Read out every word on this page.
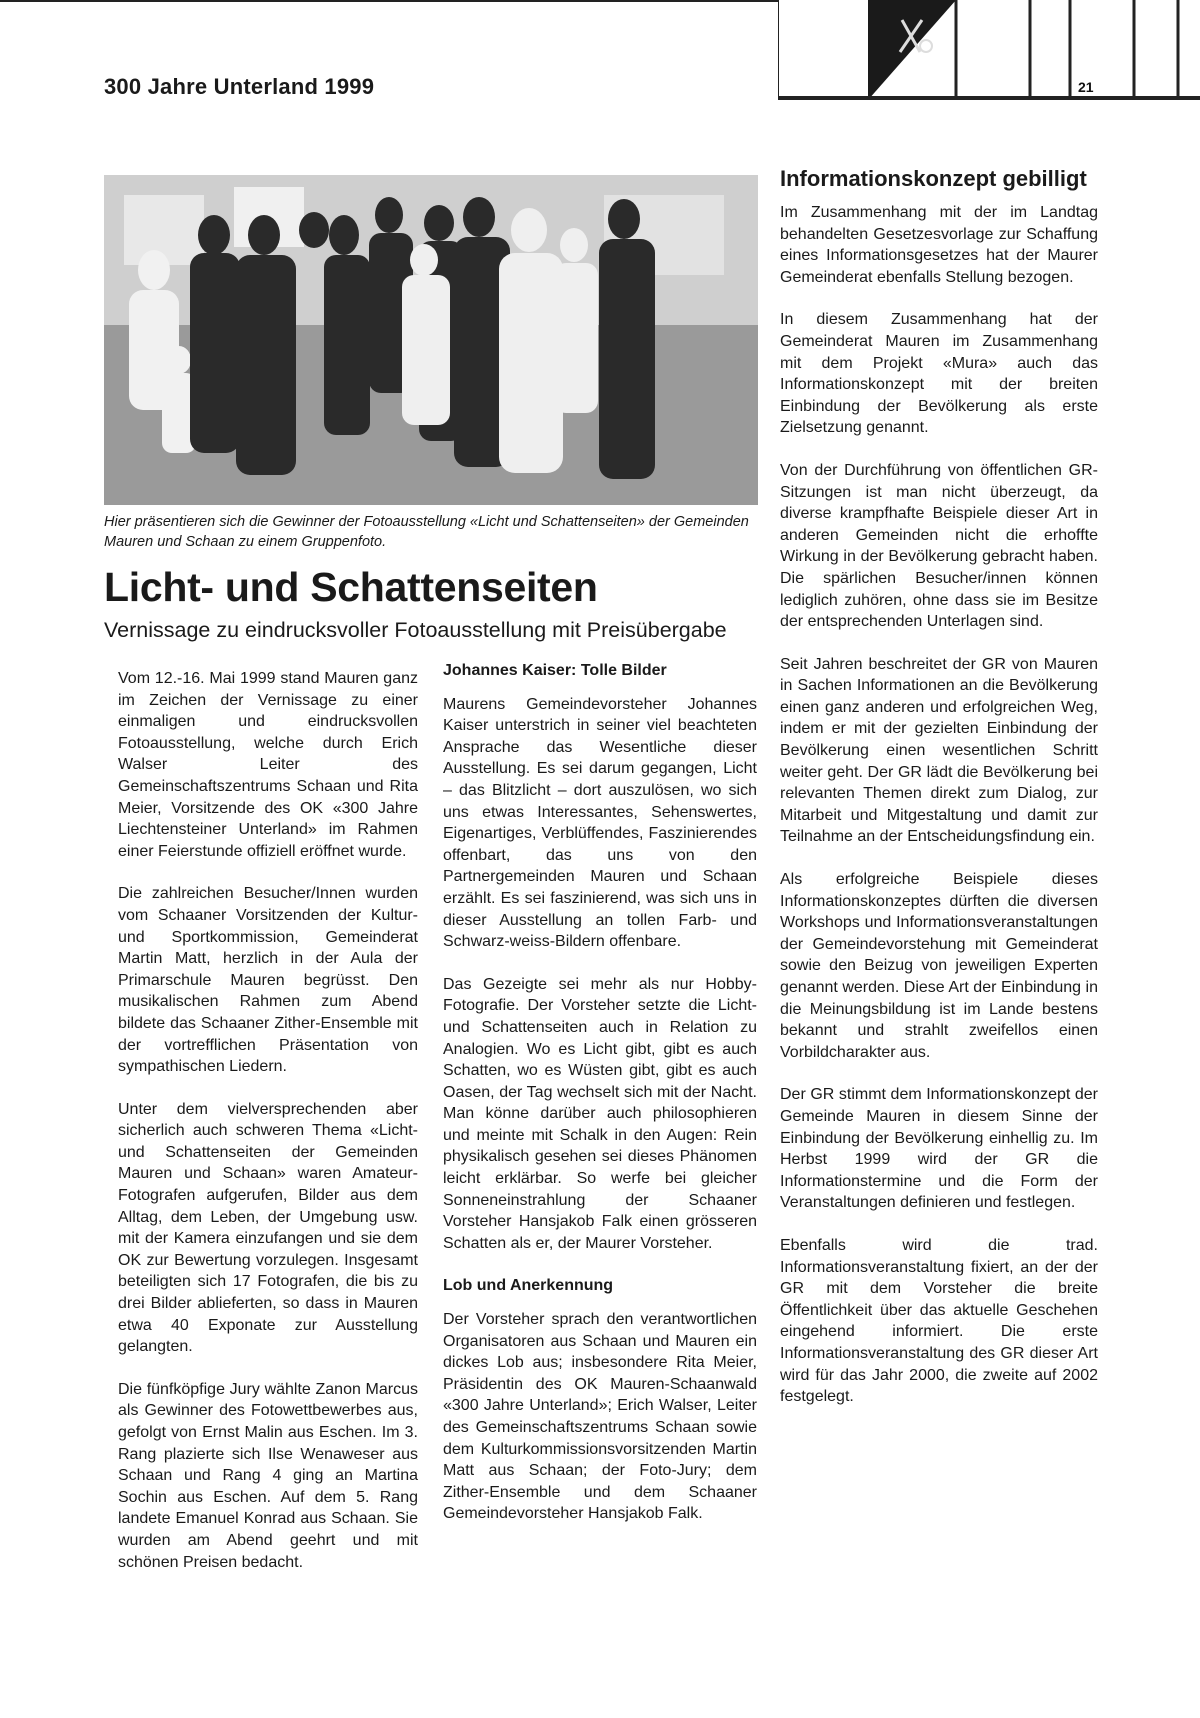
300 Jahre Unterland 1999	21
Hier präsentieren sich die Gewinner der Fotoausstellung «Licht und Schattenseiten» der Gemeinden Mauren und Schaan zu einem Gruppenfoto.
Licht- und Schattenseiten
Vernissage zu eindrucksvoller Fotoausstellung mit Preisübergabe

Vom 12.-16. Mai 1999 stand Mauren ganz im Zeichen der Vernissage zu einer einmaligen und eindrucksvollen Fotoausstellung, welche durch Erich Walser Leiter des Gemeinschaftszentrums Schaan und Rita Meier, Vorsitzende des OK «300 Jahre Liechtensteiner Unterland» im Rahmen einer Feierstunde offiziell eröffnet wurde.

Die zahlreichen Besucher/Innen wurden vom Schaaner Vorsitzenden der Kultur- und Sportkommission, Gemeinderat Martin Matt, herzlich in der Aula der Primarschule Mauren begrüsst. Den musikalischen Rahmen zum Abend bildete das Schaaner Zither-Ensemble mit der vortrefflichen Präsentation von sympathischen Liedern.

Unter dem vielversprechenden aber sicherlich auch schweren Thema «Licht- und Schattenseiten der Gemeinden Mauren und Schaan» waren Amateur-Fotografen aufgerufen, Bilder aus dem Alltag, dem Leben, der Umgebung usw. mit der Kamera einzufangen und sie dem OK zur Bewertung vorzulegen. Insgesamt beteiligten sich 17 Fotografen, die bis zu drei Bilder ablieferten, so dass in Mauren etwa 40 Exponate zur Ausstellung gelangten.

Die fünfköpfige Jury wählte Zanon Marcus als Gewinner des Fotowettbewerbes aus, gefolgt von Ernst Malin aus Eschen. Im 3. Rang plazierte sich Ilse Wenaweser aus Schaan und Rang 4 ging an Martina Sochin aus Eschen. Auf dem 5. Rang landete Emanuel Konrad aus Schaan. Sie wurden am Abend geehrt und mit schönen Preisen bedacht.

Johannes Kaiser: Tolle Bilder

Maurens Gemeindevorsteher Johannes Kaiser unterstrich in seiner viel beachteten Ansprache das Wesentliche dieser Ausstellung. Es sei darum gegangen, Licht – das Blitzlicht – dort auszulösen, wo sich uns etwas Interessantes, Sehenswertes, Eigenartiges, Verblüffendes, Faszinierendes offenbart, das uns von den Partnergemeinden Mauren und Schaan erzählt. Es sei faszinierend, was sich uns in dieser Ausstellung an tollen Farb- und Schwarz-weiss-Bildern offenbare.

Das Gezeigte sei mehr als nur Hobby-Fotografie. Der Vorsteher setzte die Licht- und Schattenseiten auch in Relation zu Analogien. Wo es Licht gibt, gibt es auch Schatten, wo es Wüsten gibt, gibt es auch Oasen, der Tag wechselt sich mit der Nacht. Man könne darüber auch philosophieren und meinte mit Schalk in den Augen: Rein physikalisch gesehen sei dieses Phänomen leicht erklärbar. So werfe bei gleicher Sonneneinstrahlung der Schaaner Vorsteher Hansjakob Falk einen grösseren Schatten als er, der Maurer Vorsteher.

Lob und Anerkennung

Der Vorsteher sprach den verantwortlichen Organisatoren aus Schaan und Mauren ein dickes Lob aus; insbesondere Rita Meier, Präsidentin des OK Mauren-Schaanwald «300 Jahre Unterland»; Erich Walser, Leiter des Gemeinschaftszentrums Schaan sowie dem Kulturkommissionsvorsitzenden Martin Matt aus Schaan; der Foto-Jury; dem Zither-Ensemble und dem Schaaner Gemeindevorsteher Hansjakob Falk.

Informationskonzept gebilligt

Im Zusammenhang mit der im Landtag behandelten Gesetzesvorlage zur Schaffung eines Informationsgesetzes hat der Maurer Gemeinderat ebenfalls Stellung bezogen.

In diesem Zusammenhang hat der Gemeinderat Mauren im Zusammenhang mit dem Projekt «Mura» auch das Informationskonzept mit der breiten Einbindung der Bevölkerung als erste Zielsetzung genannt.

Von der Durchführung von öffentlichen GR-Sitzungen ist man nicht überzeugt, da diverse krampfhafte Beispiele dieser Art in anderen Gemeinden nicht die erhoffte Wirkung in der Bevölkerung gebracht haben. Die spärlichen Besucher/innen können lediglich zuhören, ohne dass sie im Besitze der entsprechenden Unterlagen sind.

Seit Jahren beschreitet der GR von Mauren in Sachen Informationen an die Bevölkerung einen ganz anderen und erfolgreichen Weg, indem er mit der gezielten Einbindung der Bevölkerung einen wesentlichen Schritt weiter geht. Der GR lädt die Bevölkerung bei relevanten Themen direkt zum Dialog, zur Mitarbeit und Mitgestaltung und damit zur Teilnahme an der Entscheidungsfindung ein.

Als erfolgreiche Beispiele dieses Informationskonzeptes dürften die diversen Workshops und Informationsveranstaltungen der Gemeindevorstehung mit Gemeinderat sowie den Beizug von jeweiligen Experten genannt werden. Diese Art der Einbindung in die Meinungsbildung ist im Lande bestens bekannt und strahlt zweifellos einen Vorbildcharakter aus.

Der GR stimmt dem Informationskonzept der Gemeinde Mauren in diesem Sinne der Einbindung der Bevölkerung einhellig zu. Im Herbst 1999 wird der GR die Informationstermine und die Form der Veranstaltungen definieren und festlegen.

Ebenfalls wird die trad. Informationsveranstaltung fixiert, an der der GR mit dem Vorsteher die breite Öffentlichkeit über das aktuelle Geschehen eingehend informiert. Die erste Informationsveranstaltung des GR dieser Art wird für das Jahr 2000, die zweite auf 2002 festgelegt.
